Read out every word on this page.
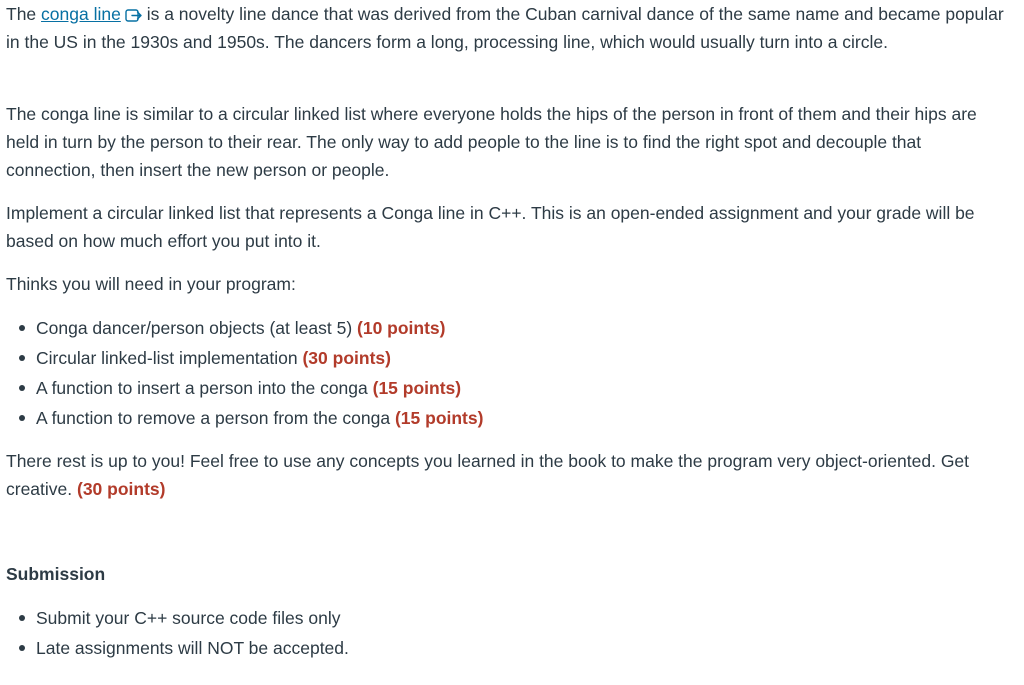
The conga line
is a novelty line dance that was derived from the Cuban carnival dance of the same name and became popular in the US in the 1930s and 1950s. The dancers form a long, processing line, which would usually turn into a circle.

The conga line is similar to a circular linked list where everyone holds the hips of the person in front of them and their hips are held in turn by the person to their rear. The only way to add people to the line is to find the right spot and decouple that connection, then insert the new person or people.

Implement a circular linked list that represents a Conga line in C++. This is an open-ended assignment and your grade will be based on how much effort you put into it.

Thinks you will need in your program:

Conga dancer/person objects (at least 5) (10 points)
Circular linked-list implementation (30 points)
A function to insert a person into the conga (15 points)
A function to remove a person from the conga (15 points)

There rest is up to you! Feel free to use any concepts you learned in the book to make the program very object-oriented. Get creative. (30 points)

Submission

Submit your C++ source code files only
Late assignments will NOT be accepted.
